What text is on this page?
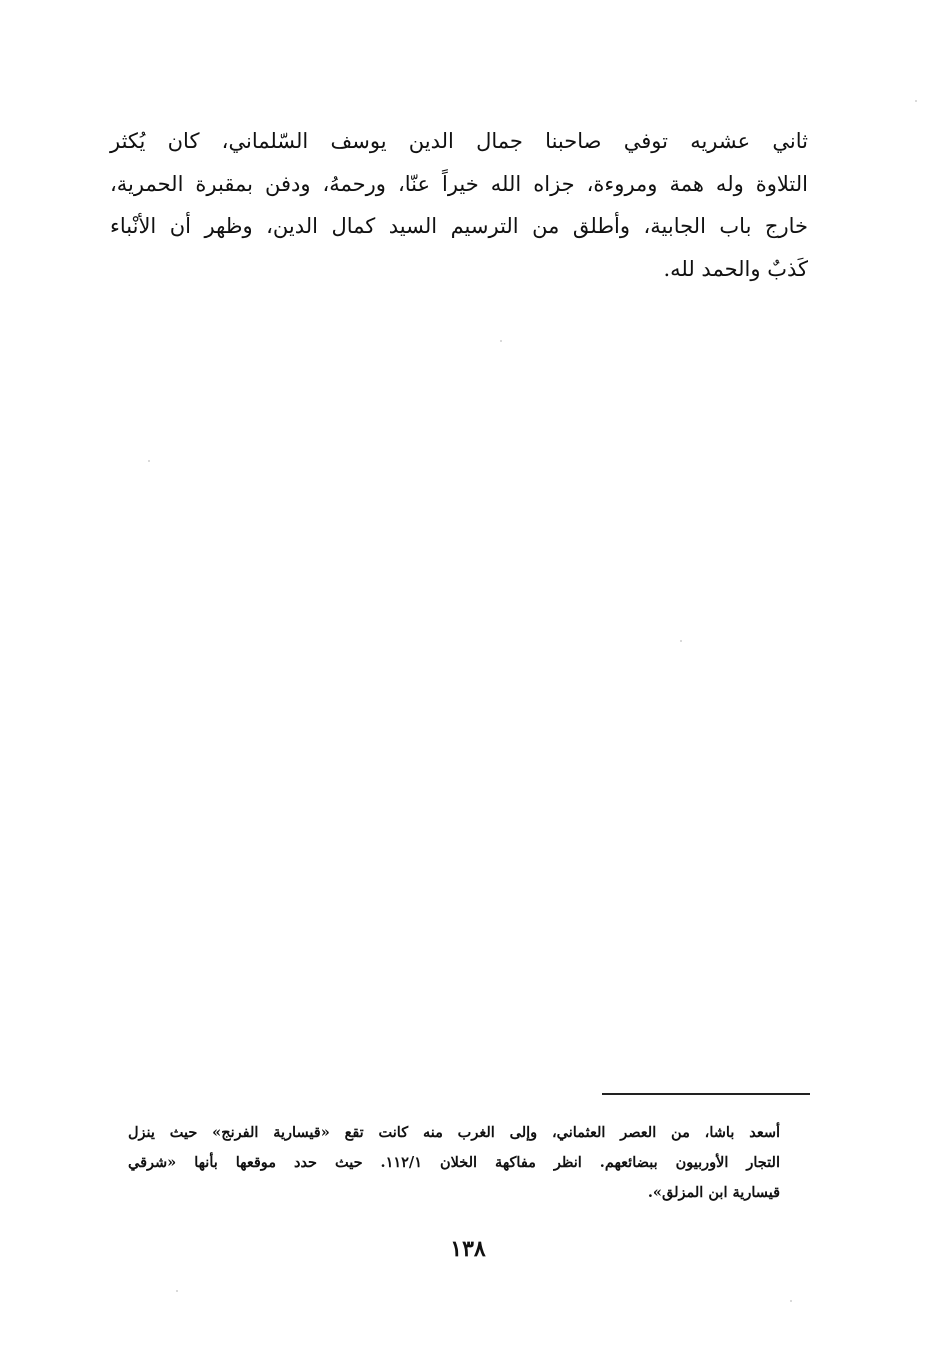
ثاني عشريه توفي صاحبنا جمال الدين يوسف السّلماني، كان يُكثر
التلاوة وله همة ومروءة، جزاه الله خيراً عنّا، ورحمهُ، ودفن بمقبرة الحمرية،
خارج باب الجابية، وأطلق من الترسيم السيد كمال الدين، وظهر أن الأنْباء
كَذبٌ والحمد لله.
أسعد باشا، من العصر العثماني، وإلى الغرب منه كانت تقع «قيسارية الفرنج» حيث ينزل
التجار الأوربيون ببضائعهم. انظر مفاكهة الخلان ١١٢/١. حيث حدد موقعها بأنها «شرقي
قيسارية ابن المزلق».
١٣٨
